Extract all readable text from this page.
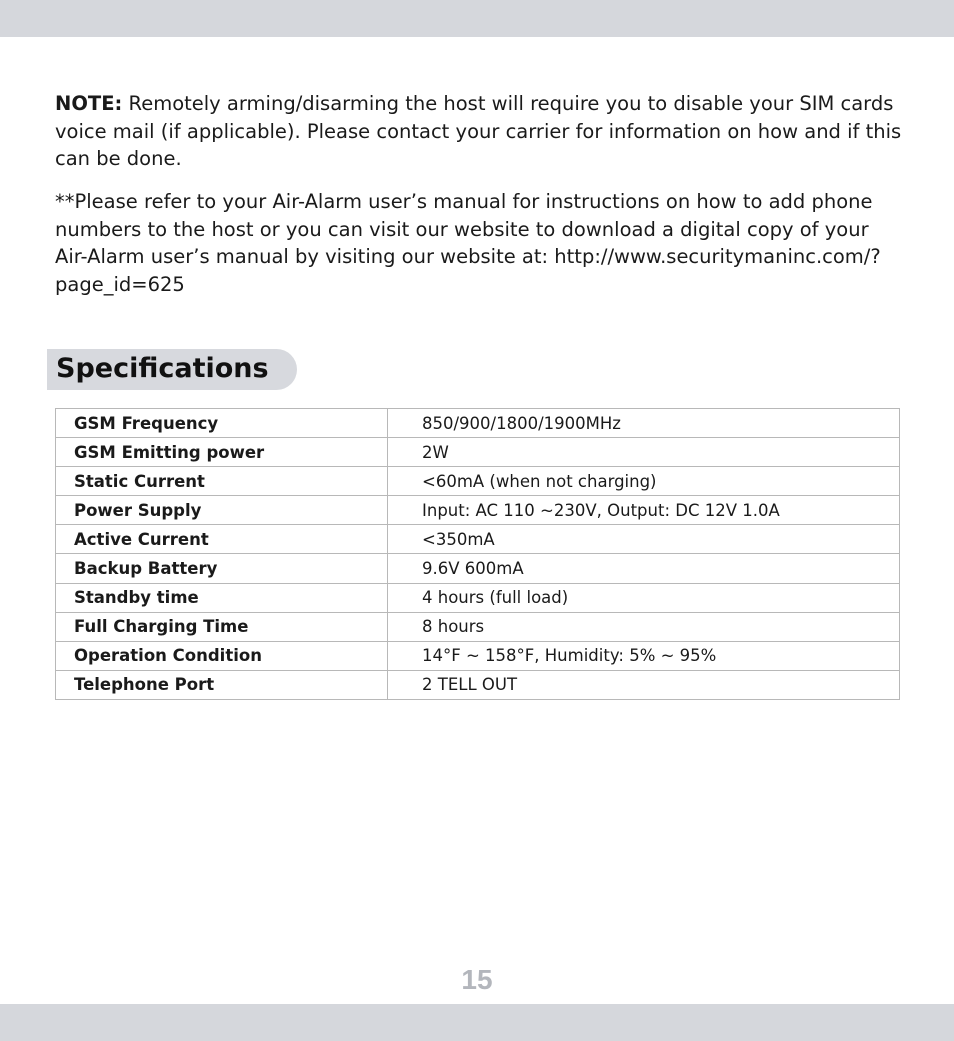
NOTE: Remotely arming/disarming the host will require you to disable your SIM cards voice mail (if applicable). Please contact your carrier for information on how and if this can be done.

**Please refer to your Air-Alarm user’s manual for instructions on how to add phone numbers to the host or you can visit our website to download a digital copy of your Air-Alarm user’s manual by visiting our website at: http://www.securitymaninc.com/?page_id=625

Specifications
GSM Frequency	850/900/1800/1900MHz
GSM Emitting power	2W
Static Current	<60mA (when not charging)
Power Supply	Input: AC 110 ~230V, Output: DC 12V 1.0A
Active Current	<350mA
Backup Battery	9.6V 600mA
Standby time	4 hours (full load)
Full Charging Time	8 hours
Operation Condition	14°F ~ 158°F, Humidity: 5% ~ 95%
Telephone Port	2 TELL OUT
15
